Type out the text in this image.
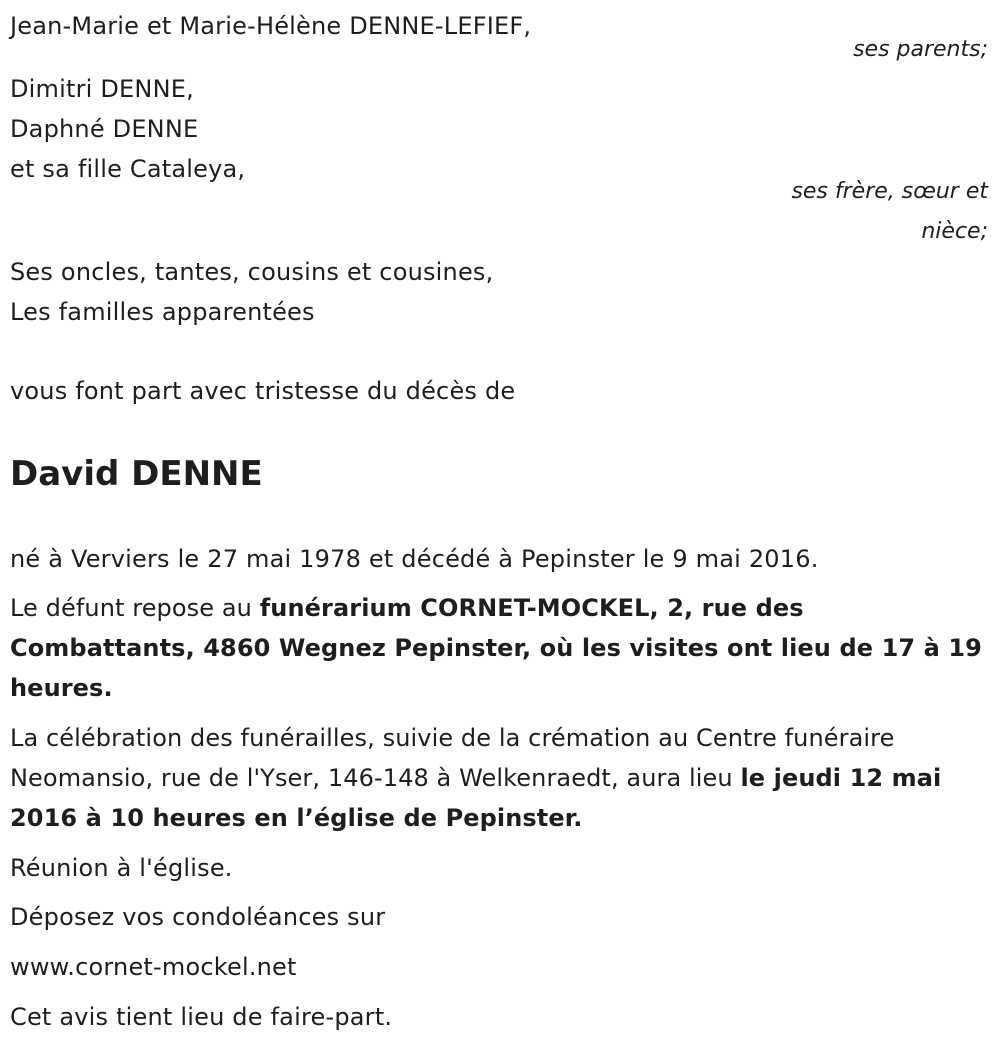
Jean-Marie et Marie-Hélène DENNE-LEFIEF,
ses parents;
Dimitri DENNE,
Daphné DENNE
et sa fille Cataleya,
ses frère, sœur et
nièce;
Ses oncles, tantes, cousins et cousines,
Les familles apparentées
vous font part avec tristesse du décès de
David DENNE
né à Verviers le 27 mai 1978 et décédé à Pepinster le 9 mai 2016.
Le défunt repose au funérarium CORNET-MOCKEL, 2, rue des Combattants, 4860 Wegnez Pepinster, où les visites ont lieu de 17 à 19 heures.
La célébration des funérailles, suivie de la crémation au Centre funéraire Neomansio, rue de l'Yser, 146-148 à Welkenraedt, aura lieu le jeudi 12 mai 2016 à 10 heures en l’église de Pepinster.
Réunion à l'église.
Déposez vos condoléances sur
www.cornet-mockel.net
Cet avis tient lieu de faire-part.
